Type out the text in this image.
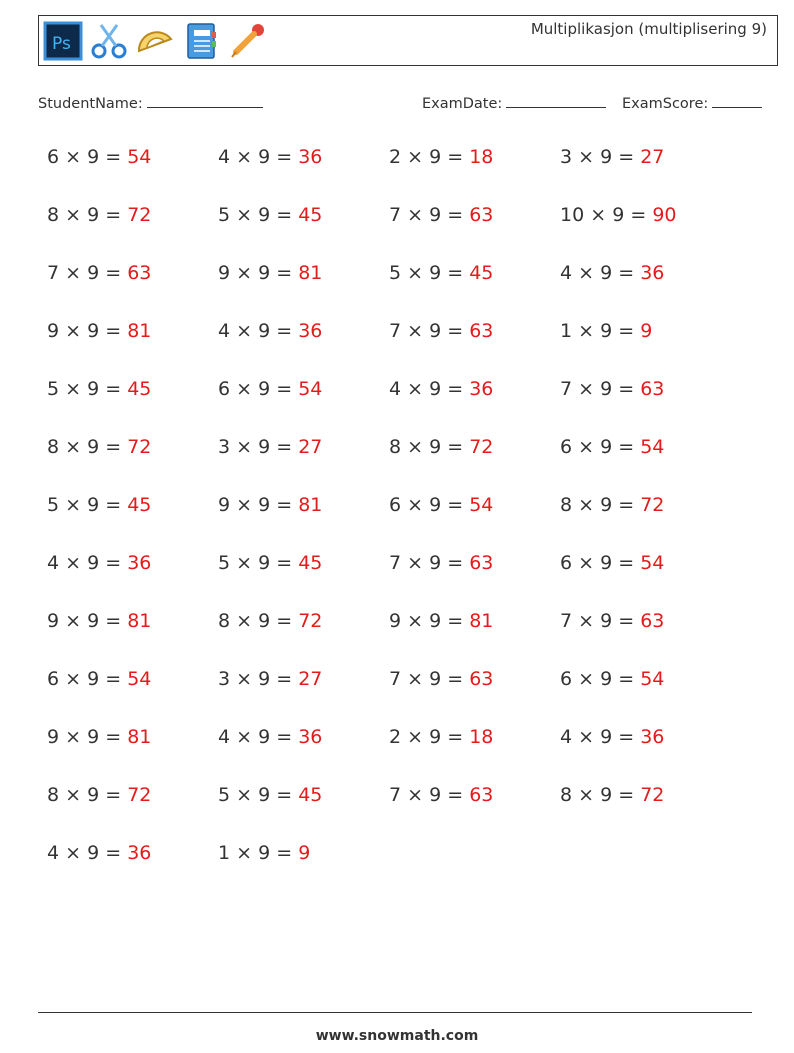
Ps
Multiplikasjon (multiplisering 9)
StudentName:	ExamDate:	ExamScore:
6 × 9 = 54	4 × 9 = 36	2 × 9 = 18	3 × 9 = 27
8 × 9 = 72	5 × 9 = 45	7 × 9 = 63	10 × 9 = 90
7 × 9 = 63	9 × 9 = 81	5 × 9 = 45	4 × 9 = 36
9 × 9 = 81	4 × 9 = 36	7 × 9 = 63	1 × 9 = 9
5 × 9 = 45	6 × 9 = 54	4 × 9 = 36	7 × 9 = 63
8 × 9 = 72	3 × 9 = 27	8 × 9 = 72	6 × 9 = 54
5 × 9 = 45	9 × 9 = 81	6 × 9 = 54	8 × 9 = 72
4 × 9 = 36	5 × 9 = 45	7 × 9 = 63	6 × 9 = 54
9 × 9 = 81	8 × 9 = 72	9 × 9 = 81	7 × 9 = 63
6 × 9 = 54	3 × 9 = 27	7 × 9 = 63	6 × 9 = 54
9 × 9 = 81	4 × 9 = 36	2 × 9 = 18	4 × 9 = 36
8 × 9 = 72	5 × 9 = 45	7 × 9 = 63	8 × 9 = 72
4 × 9 = 36	1 × 9 = 9
www.snowmath.com
